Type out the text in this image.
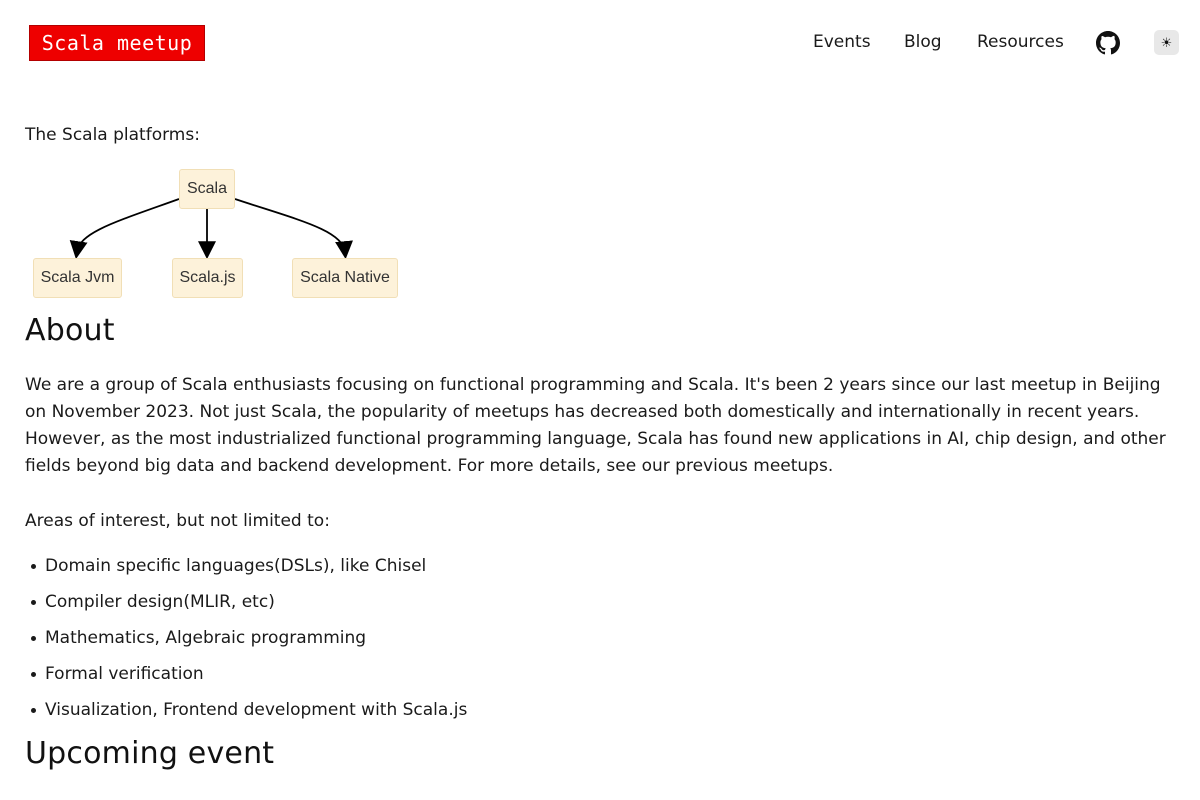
Scala meetup	Events Blog Resources	☀

The Scala platforms:

Scala
Scala Jvm	Scala.js	Scala Native
About

We are a group of Scala enthusiasts focusing on functional programming and Scala. It's been 2 years since our last meetup in Beijing on November 2023. Not just Scala, the popularity of meetups has decreased both domestically and internationally in recent years. However, as the most industrialized functional programming language, Scala has found new applications in AI, chip design, and other fields beyond big data and backend development. For more details, see our previous meetups.

Areas of interest, but not limited to:

Domain specific languages(DSLs), like Chisel
Compiler design(MLIR, etc)
Mathematics, Algebraic programming
Formal verification
Visualization, Frontend development with Scala.js
Upcoming event
